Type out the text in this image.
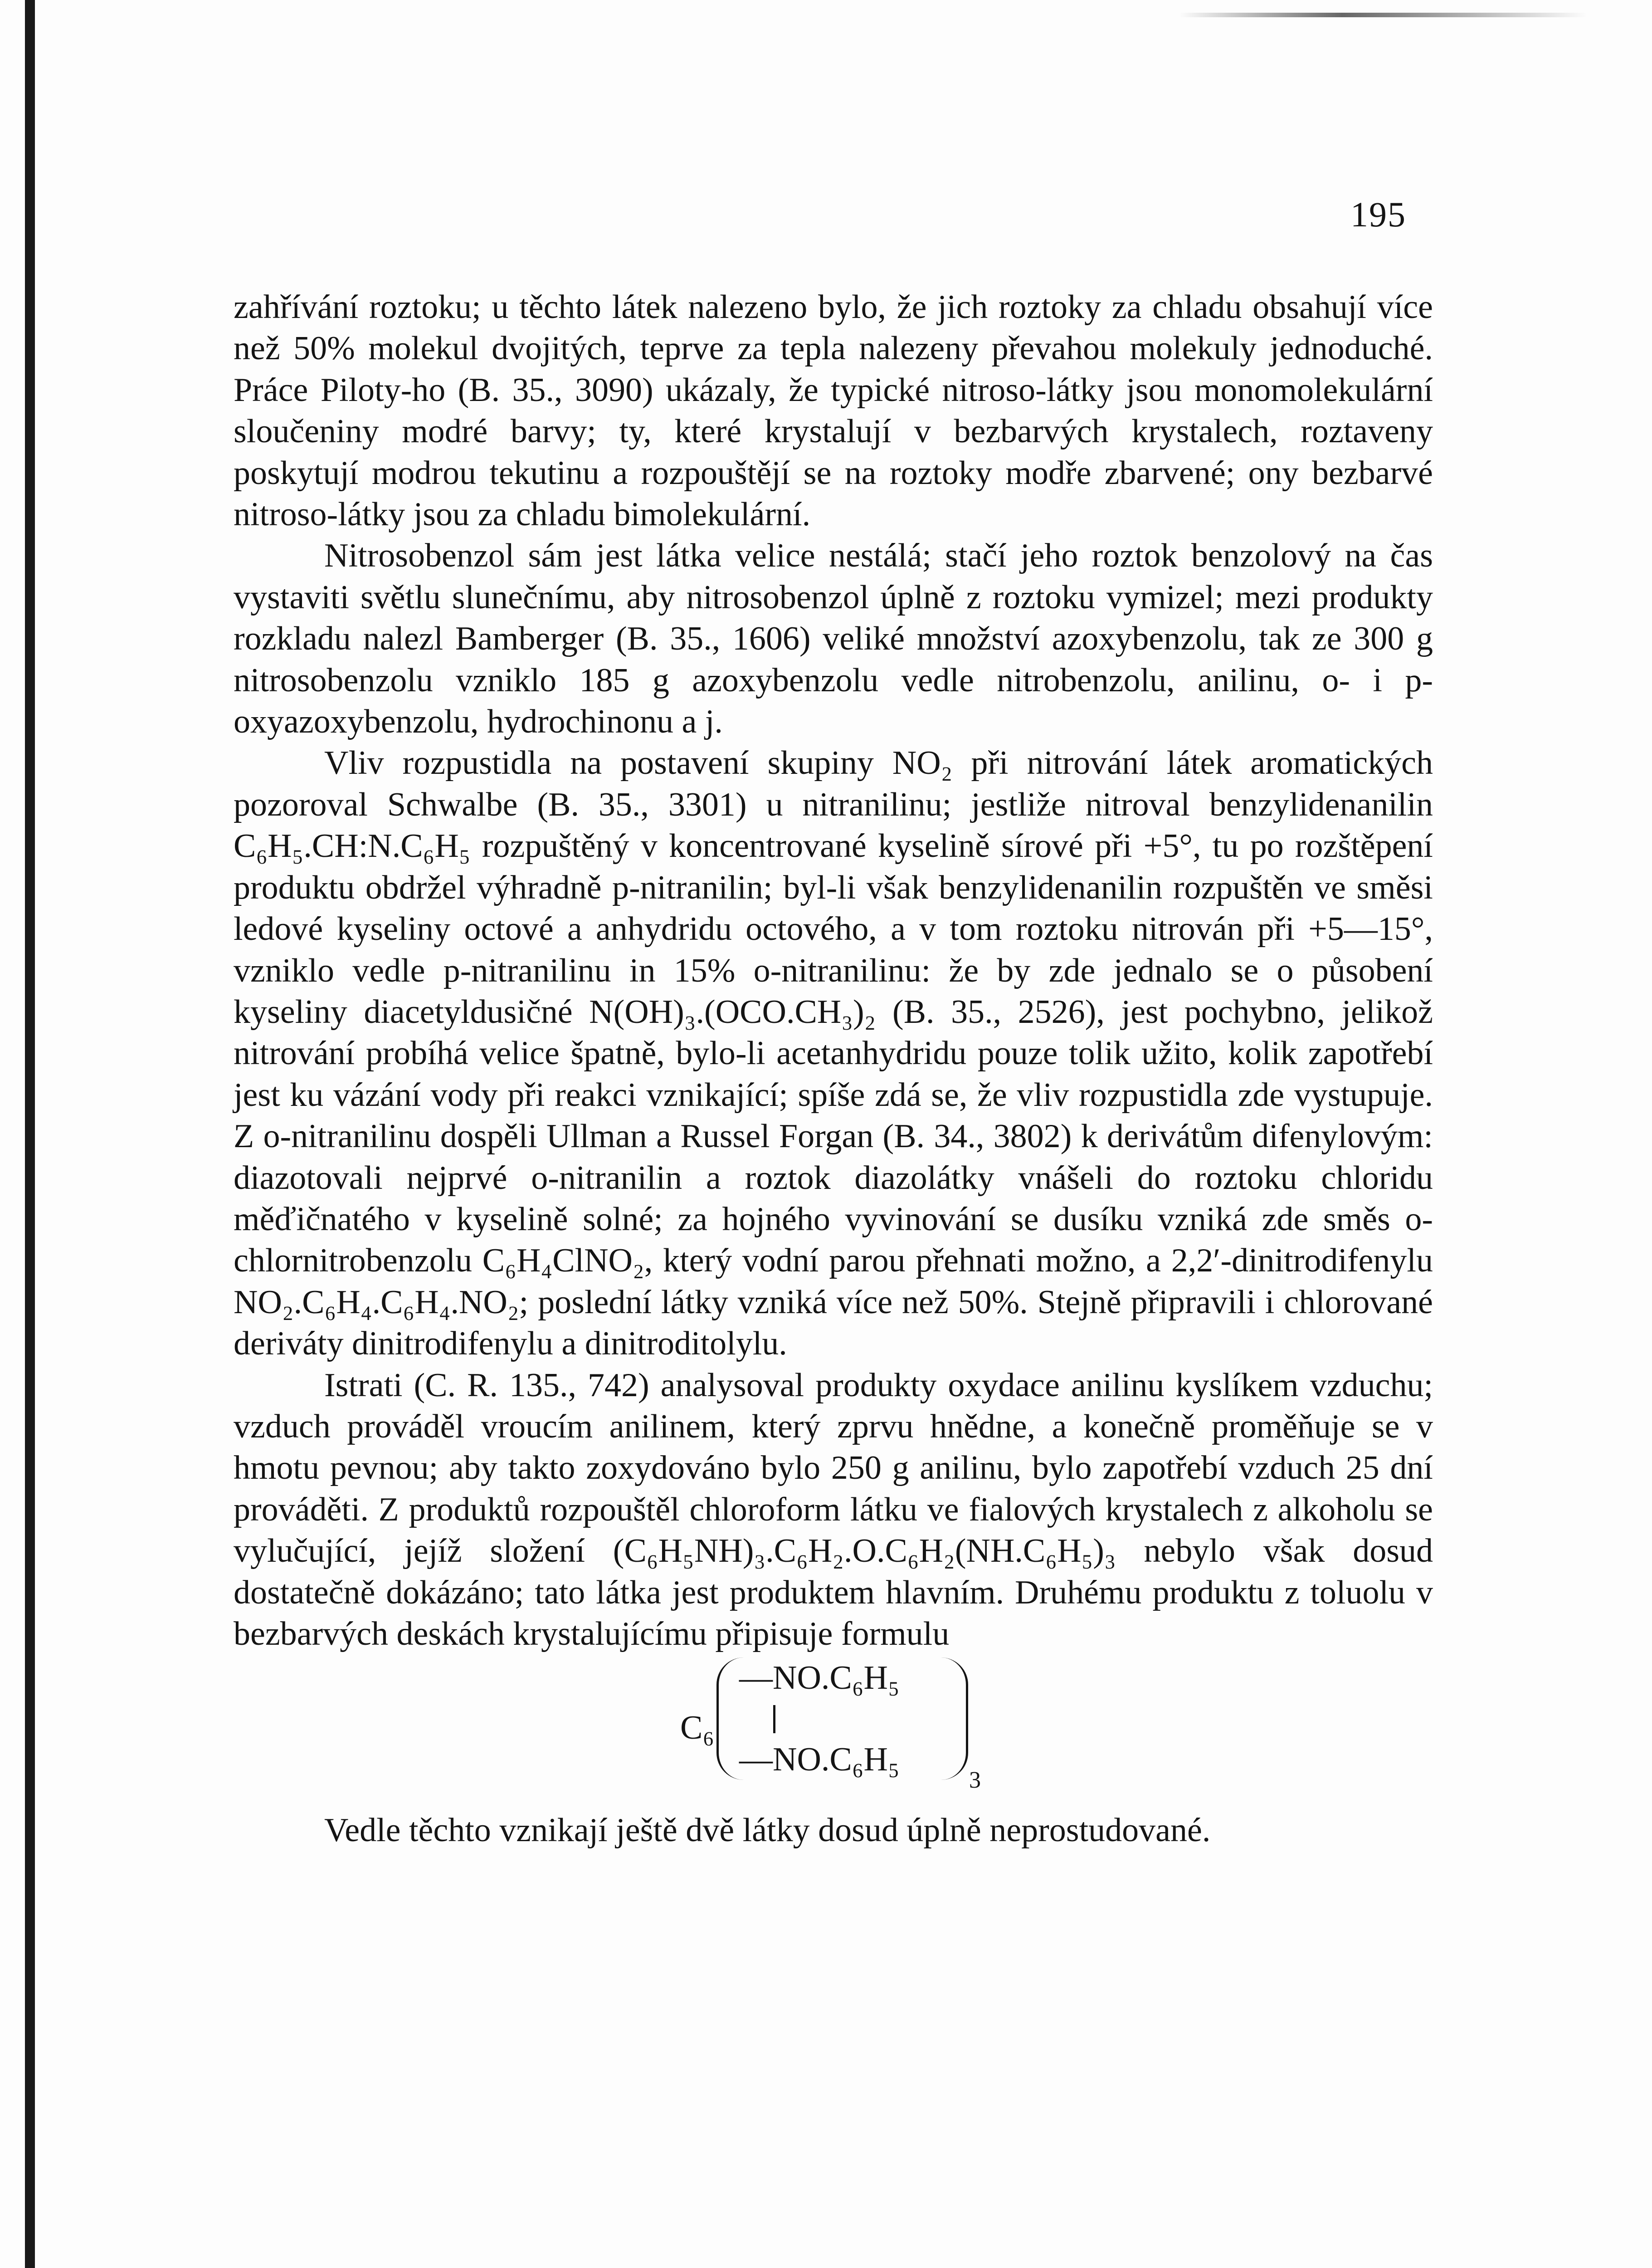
195

zahřívání roztoku; u těchto látek nalezeno bylo, že jich roztoky za chladu obsahují více než 50% molekul dvojitých, teprve za tepla nalezeny převahou molekuly jednoduché. Práce Piloty-ho (B. 35., 3090) ukázaly, že typické nitroso-látky jsou monomolekulární sloučeniny modré barvy; ty, které krystalují v bezbarvých krystalech, roztaveny poskytují modrou tekutinu a rozpouštějí se na roztoky modře zbarvené; ony bezbarvé nitroso-látky jsou za chladu bimolekulární.

Nitrosobenzol sám jest látka velice nestálá; stačí jeho roztok benzolový na čas vystaviti světlu slunečnímu, aby nitrosobenzol úplně z roztoku vymizel; mezi produkty rozkladu nalezl Bamberger (B. 35., 1606) veliké množství azoxybenzolu, tak ze 300 g nitrosobenzolu vzniklo 185 g azoxybenzolu vedle nitrobenzolu, anilinu, o- i p-oxyazoxybenzolu, hydrochinonu a j.

Vliv rozpustidla na postavení skupiny NO₂ při nitrování látek aromatických pozoroval Schwalbe (B. 35., 3301) u nitranilinu; jestliže nitroval benzylidenanilin C₆H₅.CH:N.C₆H₅ rozpuštěný v koncentrované kyselině sírové při +5°, tu po rozštěpení produktu obdržel výhradně p-nitranilin; byl-li však benzylidenanilin rozpuštěn ve směsi ledové kyseliny octové a anhydridu octového, a v tom roztoku nitrován při +5—15°, vzniklo vedle p-nitranilinu in 15% o-nitranilinu: že by zde jednalo se o působení kyseliny diacetyldusičné N(OH)₃.(OCO.CH₃)₂ (B. 35., 2526), jest pochybno, jelikož nitrování probíhá velice špatně, bylo-li acetanhydridu pouze tolik užito, kolik zapotřebí jest ku vázání vody při reakci vznikající; spíše zdá se, že vliv rozpustidla zde vystupuje. Z o-nitranilinu dospěli Ullman a Russel Forgan (B. 34., 3802) k derivátům difenylovým: diazotovali nejprvé o-nitranilin a roztok diazolátky vnášeli do roztoku chloridu měďičnatého v kyselině solné; za hojného vyvinování se dusíku vzniká zde směs o-chlornitrobenzolu C₆H₄ClNO₂, který vodní parou přehnati možno, a 2,2′-dinitrodifenylu NO₂.C₆H₄.C₆H₄.NO₂; poslední látky vzniká více než 50%. Stejně připravili i chlorované deriváty dinitrodifenylu a dinitroditolylu.

Istrati (C. R. 135., 742) analysoval produkty oxydace anilinu kyslíkem vzduchu; vzduch prováděl vroucím anilinem, který zprvu hnědne, a konečně proměňuje se v hmotu pevnou; aby takto zoxydováno bylo 250 g anilinu, bylo zapotřebí vzduch 25 dní prováděti. Z produktů rozpouštěl chloroform látku ve fialových krystalech z alkoholu se vylučující, jejíž složení (C₆H₅NH)₃.C₆H₂.O.C₆H₂(NH.C₆H₅)₃ nebylo však dosud dostatečně dokázáno; tato látka jest produktem hlavním. Druhému produktu z toluolu v bezbarvých deskách krystalujícímu připisuje formulu

C₆
—NO.C₆H₅
—NO.C₆H₅
3

Vedle těchto vznikají ještě dvě látky dosud úplně neprostudované.
